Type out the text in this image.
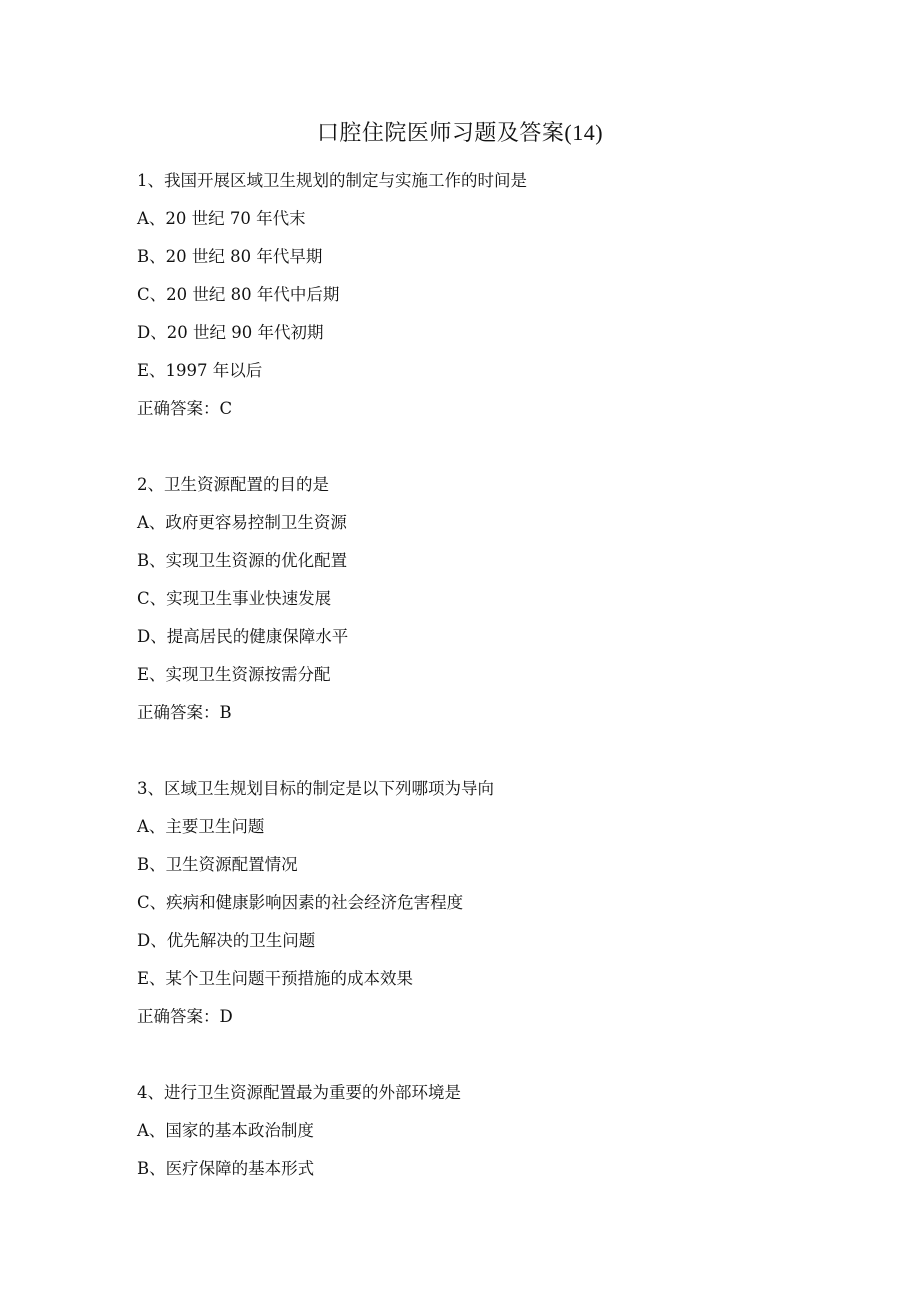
口腔住院医师习题及答案(14)
1、我国开展区域卫生规划的制定与实施工作的时间是
A、20 世纪 70 年代末
B、20 世纪 80 年代早期
C、20 世纪 80 年代中后期
D、20 世纪 90 年代初期
E、1997 年以后
正确答案：C
2、卫生资源配置的目的是
A、政府更容易控制卫生资源
B、实现卫生资源的优化配置
C、实现卫生事业快速发展
D、提高居民的健康保障水平
E、实现卫生资源按需分配
正确答案：B
3、区域卫生规划目标的制定是以下列哪项为导向
A、主要卫生问题
B、卫生资源配置情况
C、疾病和健康影响因素的社会经济危害程度
D、优先解决的卫生问题
E、某个卫生问题干预措施的成本效果
正确答案：D
4、进行卫生资源配置最为重要的外部环境是
A、国家的基本政治制度
B、医疗保障的基本形式
